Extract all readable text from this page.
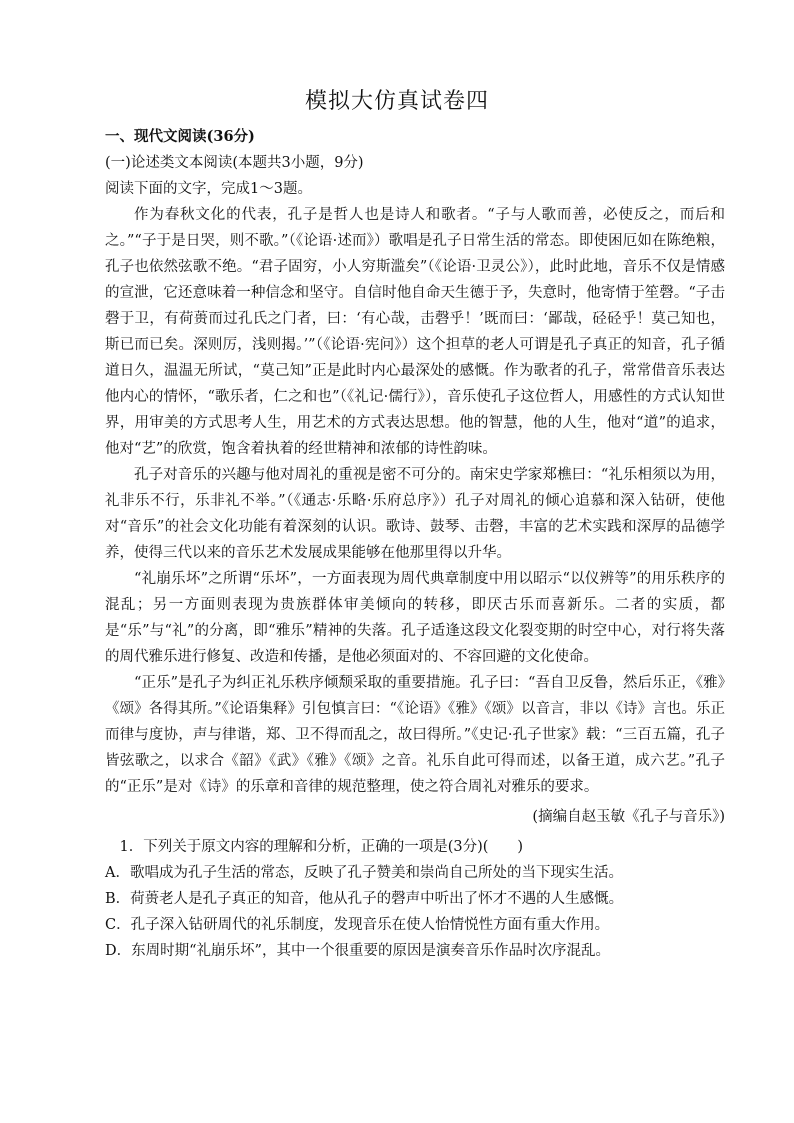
模拟大仿真试卷四

一、现代文阅读(36分)

(一)论述类文本阅读(本题共3小题，9分)

阅读下面的文字，完成1～3题。

作为春秋文化的代表，孔子是哲人也是诗人和歌者。“子与人歌而善，必使反之，而后和之。”“子于是日哭，则不歌。”（《论语·述而》）歌唱是孔子日常生活的常态。即使困厄如在陈绝粮，孔子也依然弦歌不绝。“君子固穷，小人穷斯滥矣”（《论语·卫灵公》），此时此地，音乐不仅是情感的宣泄，它还意味着一种信念和坚守。自信时他自命天生德于予，失意时，他寄情于笙磬。“子击磬于卫，有荷蒉而过孔氏之门者，曰：‘有心哉，击磬乎！’既而曰：‘鄙哉，硁硁乎！莫己知也，斯已而已矣。深则厉，浅则揭。’”（《论语·宪问》）这个担草的老人可谓是孔子真正的知音，孔子循道日久，温温无所试，“莫己知”正是此时内心最深处的感慨。作为歌者的孔子，常常借音乐表达他内心的情怀，“歌乐者，仁之和也”（《礼记·儒行》），音乐使孔子这位哲人，用感性的方式认知世界，用审美的方式思考人生，用艺术的方式表达思想。他的智慧，他的人生，他对“道”的追求，他对“艺”的欣赏，饱含着执着的经世精神和浓郁的诗性韵味。

孔子对音乐的兴趣与他对周礼的重视是密不可分的。南宋史学家郑樵曰：“礼乐相须以为用，礼非乐不行，乐非礼不举。”（《通志·乐略·乐府总序》）孔子对周礼的倾心追慕和深入钻研，使他对“音乐”的社会文化功能有着深刻的认识。歌诗、鼓琴、击磬，丰富的艺术实践和深厚的品德学养，使得三代以来的音乐艺术发展成果能够在他那里得以升华。

“礼崩乐坏”之所谓“乐坏”，一方面表现为周代典章制度中用以昭示“以仪辨等”的用乐秩序的混乱；另一方面则表现为贵族群体审美倾向的转移，即厌古乐而喜新乐。二者的实质，都是“乐”与“礼”的分离，即“雅乐”精神的失落。孔子适逢这段文化裂变期的时空中心，对行将失落的周代雅乐进行修复、改造和传播，是他必须面对的、不容回避的文化使命。

“正乐”是孔子为纠正礼乐秩序倾颓采取的重要措施。孔子曰：“吾自卫反鲁，然后乐正，《雅》《颂》各得其所。”《论语集释》引包慎言曰：“《论语》《雅》《颂》以音言，非以《诗》言也。乐正而律与度协，声与律谐，郑、卫不得而乱之，故曰得所。”《史记·孔子世家》载：“三百五篇，孔子皆弦歌之，以求合《韶》《武》《雅》《颂》之音。礼乐自此可得而述，以备王道，成六艺。”孔子的“正乐”是对《诗》的乐章和音律的规范整理，使之符合周礼对雅乐的要求。

(摘编自赵玉敏《孔子与音乐》)

1．下列关于原文内容的理解和分析，正确的一项是(3分)(　　)

A．歌唱成为孔子生活的常态，反映了孔子赞美和崇尚自己所处的当下现实生活。

B．荷蒉老人是孔子真正的知音，他从孔子的磬声中听出了怀才不遇的人生感慨。

C．孔子深入钻研周代的礼乐制度，发现音乐在使人怡情悦性方面有重大作用。

D．东周时期“礼崩乐坏”，其中一个很重要的原因是演奏音乐作品时次序混乱。
